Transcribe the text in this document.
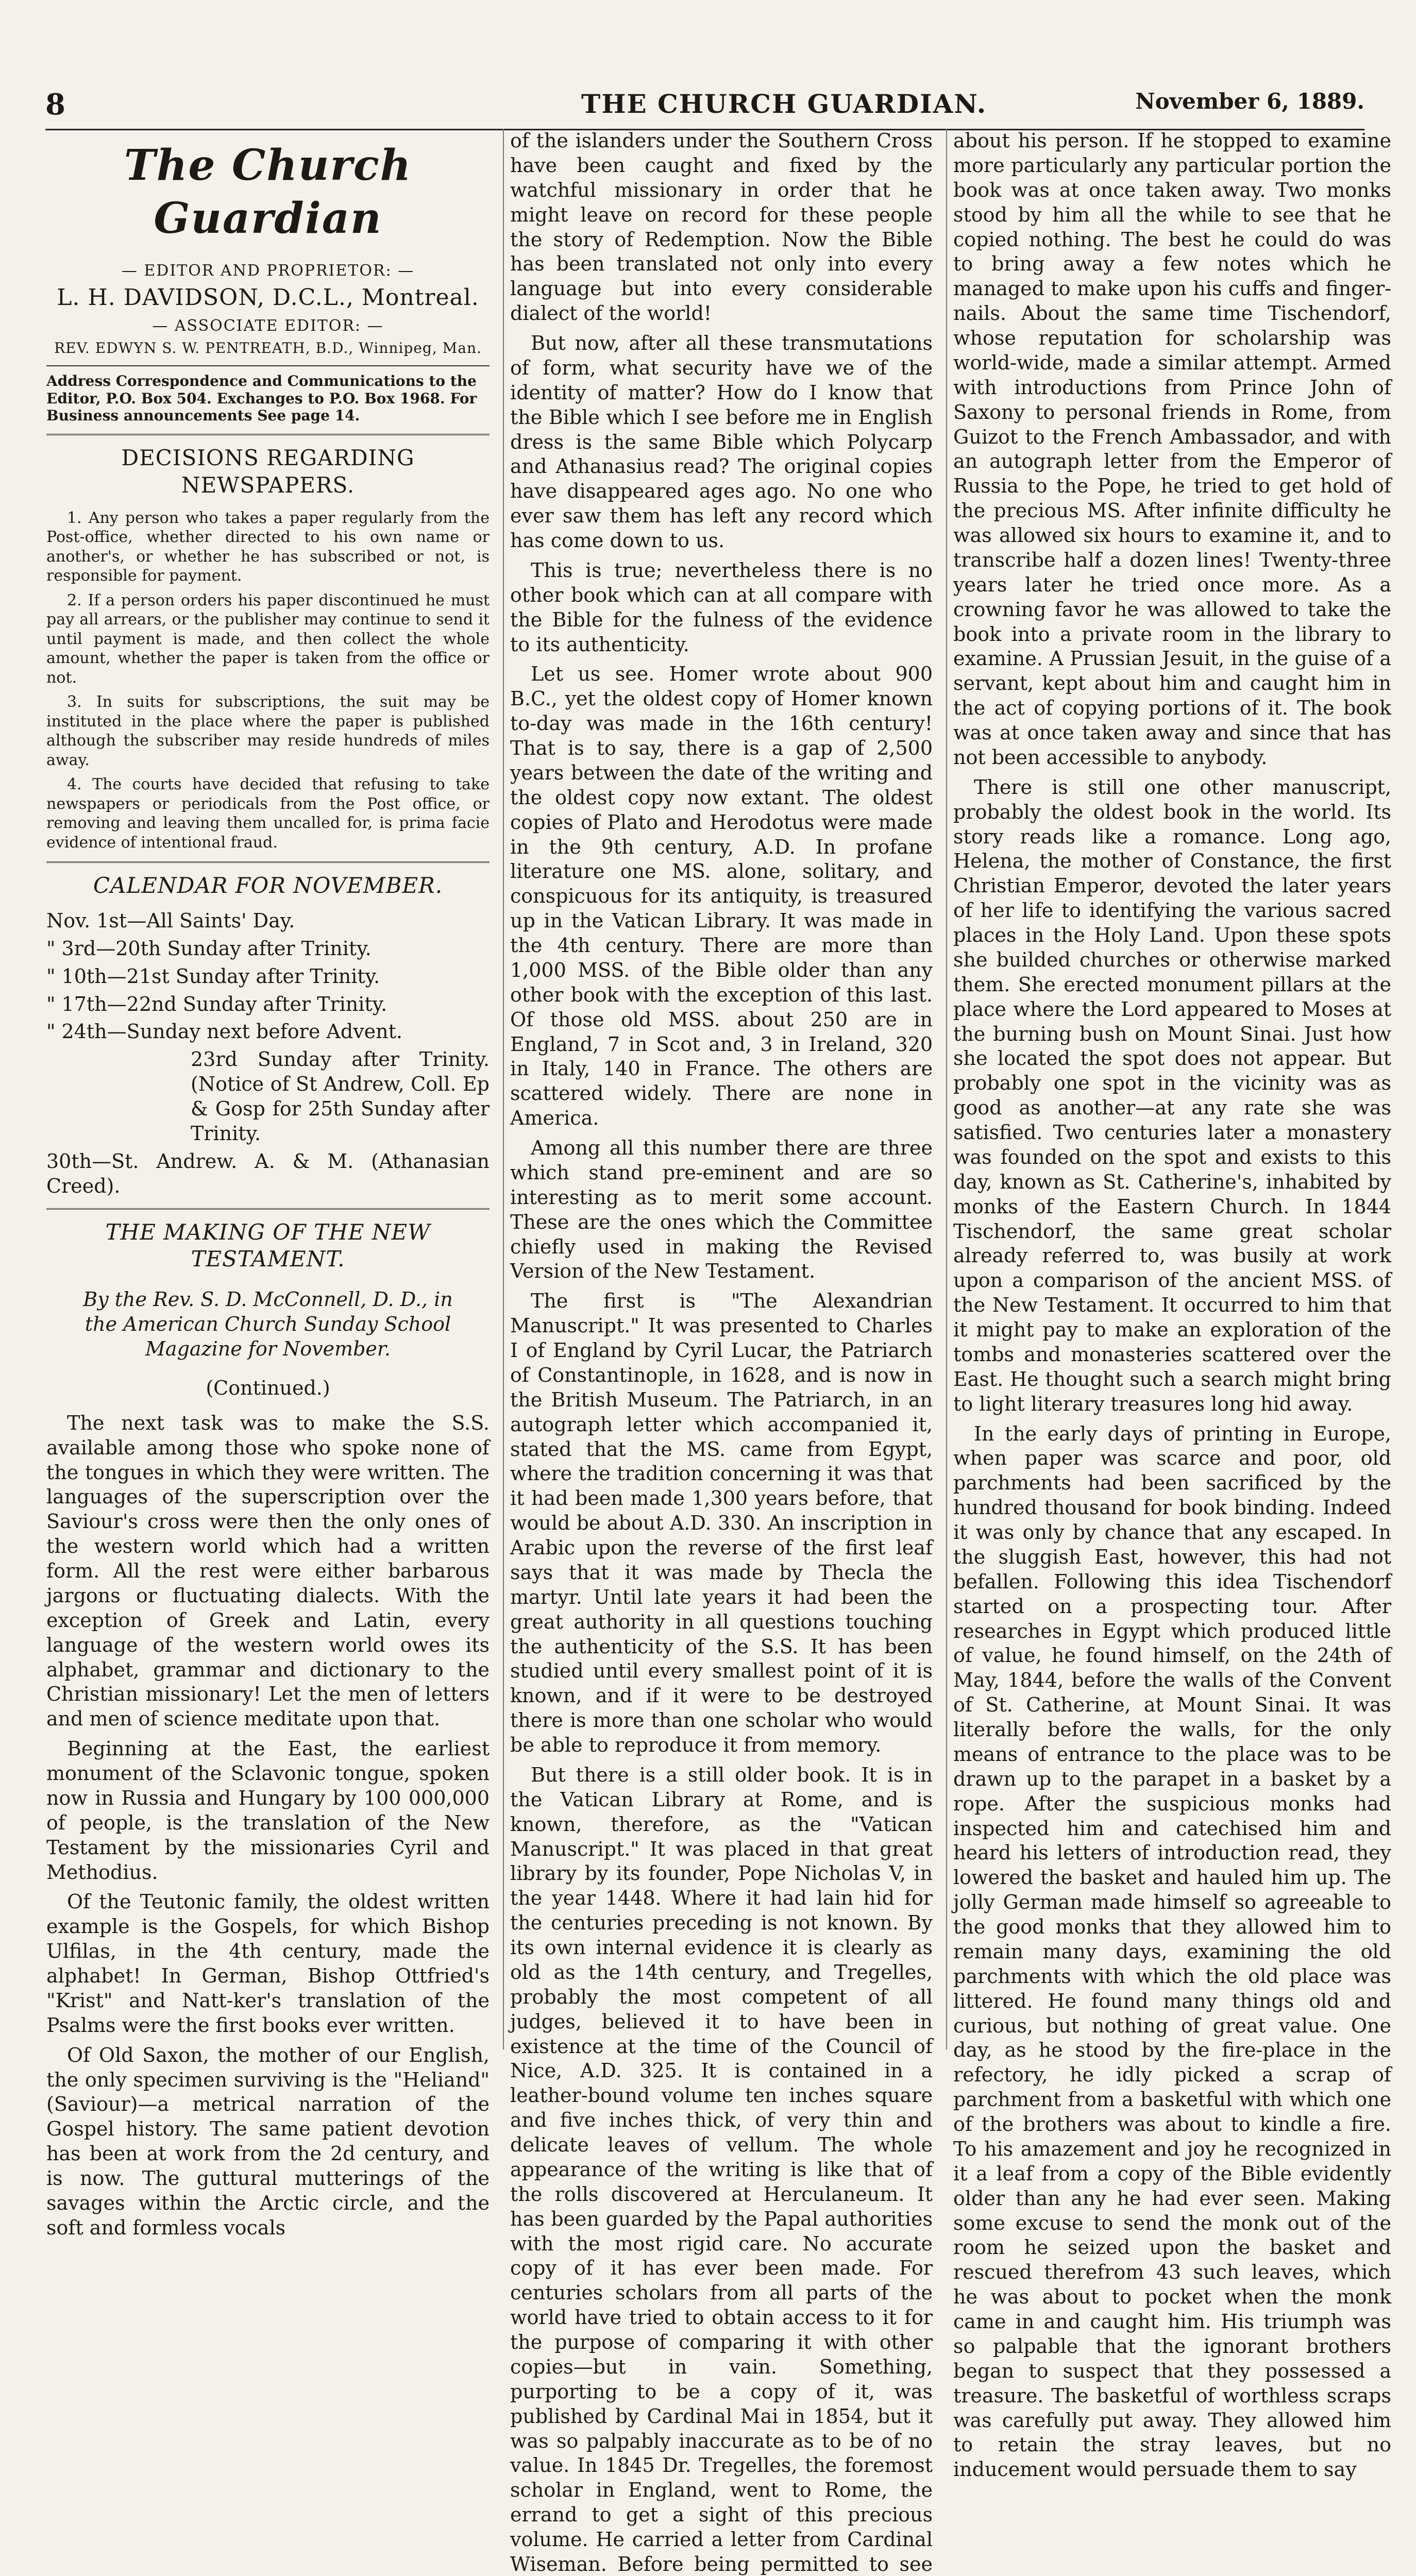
8	THE CHURCH GUARDIAN.	November 6, 1889.
The Church Guardian
— EDITOR AND PROPRIETOR: —
L. H. DAVIDSON, D.C.L., Montreal.
— ASSOCIATE EDITOR: —
REV. EDWYN S. W. PENTREATH, B.D., Winnipeg, Man.
Address Correspondence and Communications to the Editor, P.O. Box 504. Exchanges to P.O. Box 1968. For Business announcements See page 14.
DECISIONS REGARDING NEWSPAPERS.

1. Any person who takes a paper regularly from the Post-office, whether directed to his own name or another's, or whether he has subscribed or not, is responsible for payment.

2. If a person orders his paper discontinued he must pay all arrears, or the publisher may continue to send it until payment is made, and then collect the whole amount, whether the paper is taken from the office or not.

3. In suits for subscriptions, the suit may be instituted in the place where the paper is published although the subscriber may reside hundreds of miles away.

4. The courts have decided that refusing to take newspapers or periodicals from the Post office, or removing and leaving them uncalled for, is prima facie evidence of intentional fraud.

CALENDAR FOR NOVEMBER.

Nov. 1st—All Saints' Day.

" 3rd—20th Sunday after Trinity.

" 10th—21st Sunday after Trinity.

" 17th—22nd Sunday after Trinity.

" 24th—Sunday next before Advent.

23rd Sunday after Trinity. (Notice of St Andrew, Coll. Ep & Gosp for 25th Sunday after Trinity.

30th—St. Andrew. A. & M. (Athanasian Creed).

THE MAKING OF THE NEW TESTAMENT.
By the Rev. S. D. McConnell, D. D., in the American Church Sunday School Magazine for November.
(Continued.)

The next task was to make the S.S. available among those who spoke none of the tongues in which they were written. The languages of the superscription over the Saviour's cross were then the only ones of the western world which had a written form. All the rest were either barbarous jargons or fluctuating dialects. With the exception of Greek and Latin, every language of the western world owes its alphabet, grammar and dictionary to the Christian missionary! Let the men of letters and men of science meditate upon that.

Beginning at the East, the earliest monument of the Sclavonic tongue, spoken now in Russia and Hungary by 100 000,000 of people, is the translation of the New Testament by the missionaries Cyril and Methodius.

Of the Teutonic family, the oldest written example is the Gospels, for which Bishop Ulfilas, in the 4th century, made the alphabet! In German, Bishop Ottfried's "Krist" and Natt-ker's translation of the Psalms were the first books ever written.

Of Old Saxon, the mother of our English, the only specimen surviving is the "Heliand" (Saviour)—a metrical narration of the Gospel history. The same patient devotion has been at work from the 2d century, and is now. The guttural mutterings of the savages within the Arctic circle, and the soft and formless vocals

of the islanders under the Southern Cross have been caught and fixed by the watchful missionary in order that he might leave on record for these people the story of Redemption. Now the Bible has been translated not only into every language but into every considerable dialect of the world!

But now, after all these transmutations of form, what security have we of the identity of matter? How do I know that the Bible which I see before me in English dress is the same Bible which Polycarp and Athanasius read? The original copies have disappeared ages ago. No one who ever saw them has left any record which has come down to us.

This is true; nevertheless there is no other book which can at all compare with the Bible for the fulness of the evidence to its authenticity.

Let us see. Homer wrote about 900 B.C., yet the oldest copy of Homer known to-day was made in the 16th century! That is to say, there is a gap of 2,500 years between the date of the writing and the oldest copy now extant. The oldest copies of Plato and Herodotus were made in the 9th century, A.D. In profane literature one MS. alone, solitary, and conspicuous for its antiquity, is treasured up in the Vatican Library. It was made in the 4th century. There are more than 1,000 MSS. of the Bible older than any other book with the exception of this last. Of those old MSS. about 250 are in England, 7 in Scot and, 3 in Ireland, 320 in Italy, 140 in France. The others are scattered widely. There are none in America.

Among all this number there are three which stand pre-eminent and are so interesting as to merit some account. These are the ones which the Committee chiefly used in making the Revised Version of the New Testament.

The first is "The Alexandrian Manuscript." It was presented to Charles I of England by Cyril Lucar, the Patriarch of Constantinople, in 1628, and is now in the British Museum. The Patriarch, in an autograph letter which accompanied it, stated that the MS. came from Egypt, where the tradition concerning it was that it had been made 1,300 years before, that would be about A.D. 330. An inscription in Arabic upon the reverse of the first leaf says that it was made by Thecla the martyr. Until late years it had been the great authority in all questions touching the authenticity of the S.S. It has been studied until every smallest point of it is known, and if it were to be destroyed there is more than one scholar who would be able to reproduce it from memory.

But there is a still older book. It is in the Vatican Library at Rome, and is known, therefore, as the "Vatican Manuscript." It was placed in that great library by its founder, Pope Nicholas V, in the year 1448. Where it had lain hid for the centuries preceding is not known. By its own internal evidence it is clearly as old as the 14th century, and Tregelles, probably the most competent of all judges, believed it to have been in existence at the time of the Council of Nice, A.D. 325. It is contained in a leather-bound volume ten inches square and five inches thick, of very thin and delicate leaves of vellum. The whole appearance of the writing is like that of the rolls discovered at Herculaneum. It has been guarded by the Papal authorities with the most rigid care. No accurate copy of it has ever been made. For centuries scholars from all parts of the world have tried to obtain access to it for the purpose of comparing it with other copies—but in vain. Something, purporting to be a copy of it, was published by Cardinal Mai in 1854, but it was so palpably inaccurate as to be of no value. In 1845 Dr. Tregelles, the foremost scholar in England, went to Rome, the errand to get a sight of this precious volume. He carried a letter from Cardinal Wiseman. Before being permitted to see

about his person. If he stopped to examine more particularly any particular portion the book was at once taken away. Two monks stood by him all the while to see that he copied nothing. The best he could do was to bring away a few notes which he managed to make upon his cuffs and finger-nails. About the same time Tischendorf, whose reputation for scholarship was world-wide, made a similar attempt. Armed with introductions from Prince John of Saxony to personal friends in Rome, from Guizot to the French Ambassador, and with an autograph letter from the Emperor of Russia to the Pope, he tried to get hold of the precious MS. After infinite difficulty he was allowed six hours to examine it, and to transcribe half a dozen lines! Twenty-three years later he tried once more. As a crowning favor he was allowed to take the book into a private room in the library to examine. A Prussian Jesuit, in the guise of a servant, kept about him and caught him in the act of copying portions of it. The book was at once taken away and since that has not been accessible to anybody.

There is still one other manuscript, probably the oldest book in the world. Its story reads like a romance. Long ago, Helena, the mother of Constance, the first Christian Emperor, devoted the later years of her life to identifying the various sacred places in the Holy Land. Upon these spots she builded churches or otherwise marked them. She erected monument pillars at the place where the Lord appeared to Moses at the burning bush on Mount Sinai. Just how she located the spot does not appear. But probably one spot in the vicinity was as good as another—at any rate she was satisfied. Two centuries later a monastery was founded on the spot and exists to this day, known as St. Catherine's, inhabited by monks of the Eastern Church. In 1844 Tischendorf, the same great scholar already referred to, was busily at work upon a comparison of the ancient MSS. of the New Testament. It occurred to him that it might pay to make an exploration of the tombs and monasteries scattered over the East. He thought such a search might bring to light literary treasures long hid away.

In the early days of printing in Europe, when paper was scarce and poor, old parchments had been sacrificed by the hundred thousand for book binding. Indeed it was only by chance that any escaped. In the sluggish East, however, this had not befallen. Following this idea Tischendorf started on a prospecting tour. After researches in Egypt which produced little of value, he found himself, on the 24th of May, 1844, before the walls of the Convent of St. Catherine, at Mount Sinai. It was literally before the walls, for the only means of entrance to the place was to be drawn up to the parapet in a basket by a rope. After the suspicious monks had inspected him and catechised him and heard his letters of introduction read, they lowered the basket and hauled him up. The jolly German made himself so agreeable to the good monks that they allowed him to remain many days, examining the old parchments with which the old place was littered. He found many things old and curious, but nothing of great value. One day, as he stood by the fire-place in the refectory, he idly picked a scrap of parchment from a basketful with which one of the brothers was about to kindle a fire. To his amazement and joy he recognized in it a leaf from a copy of the Bible evidently older than any he had ever seen. Making some excuse to send the monk out of the room he seized upon the basket and rescued therefrom 43 such leaves, which he was about to pocket when the monk came in and caught him. His triumph was so palpable that the ignorant brothers began to suspect that they possessed a treasure. The basketful of worthless scraps was carefully put away. They allowed him to retain the stray leaves, but no inducement would persuade them to say
